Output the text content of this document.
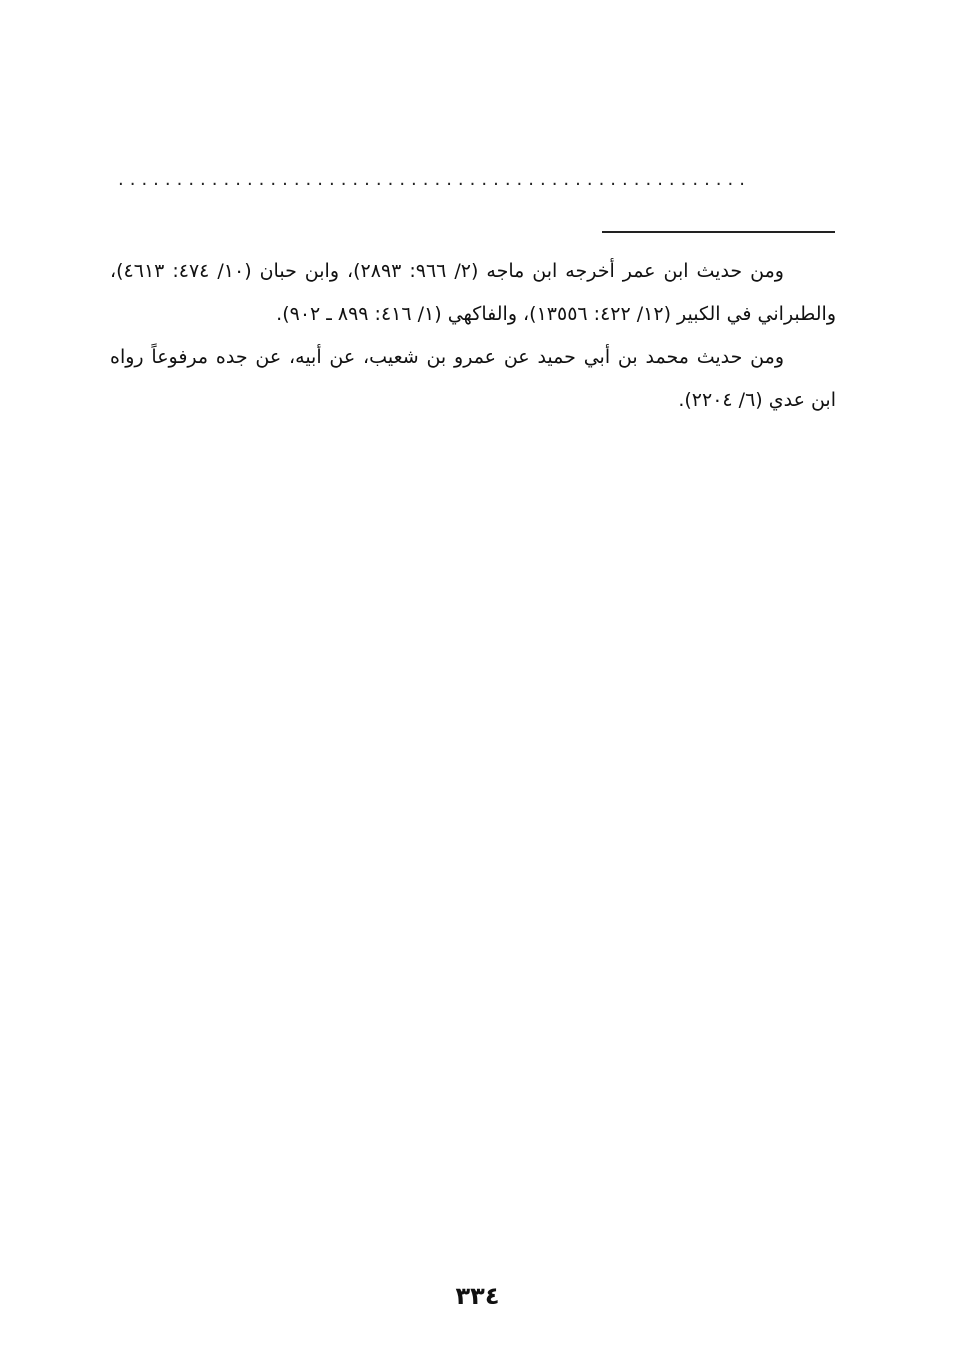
......................................................

ومن حديث ابن عمر أخرجه ابن ماجه (٢/ ٩٦٦: ٢٨٩٣)، وابن حبان (١٠/ ٤٧٤: ٤٦١٣)، والطبراني في الكبير (١٢/ ٤٢٢: ١٣٥٥٦)، والفاكهي (١/ ٤١٦: ٨٩٩ ـ ٩٠٢).

ومن حديث محمد بن أبي حميد عن عمرو بن شعيب، عن أبيه، عن جده مرفوعاً رواه ابن عدي (٦/ ٢٢٠٤).

٣٣٤
